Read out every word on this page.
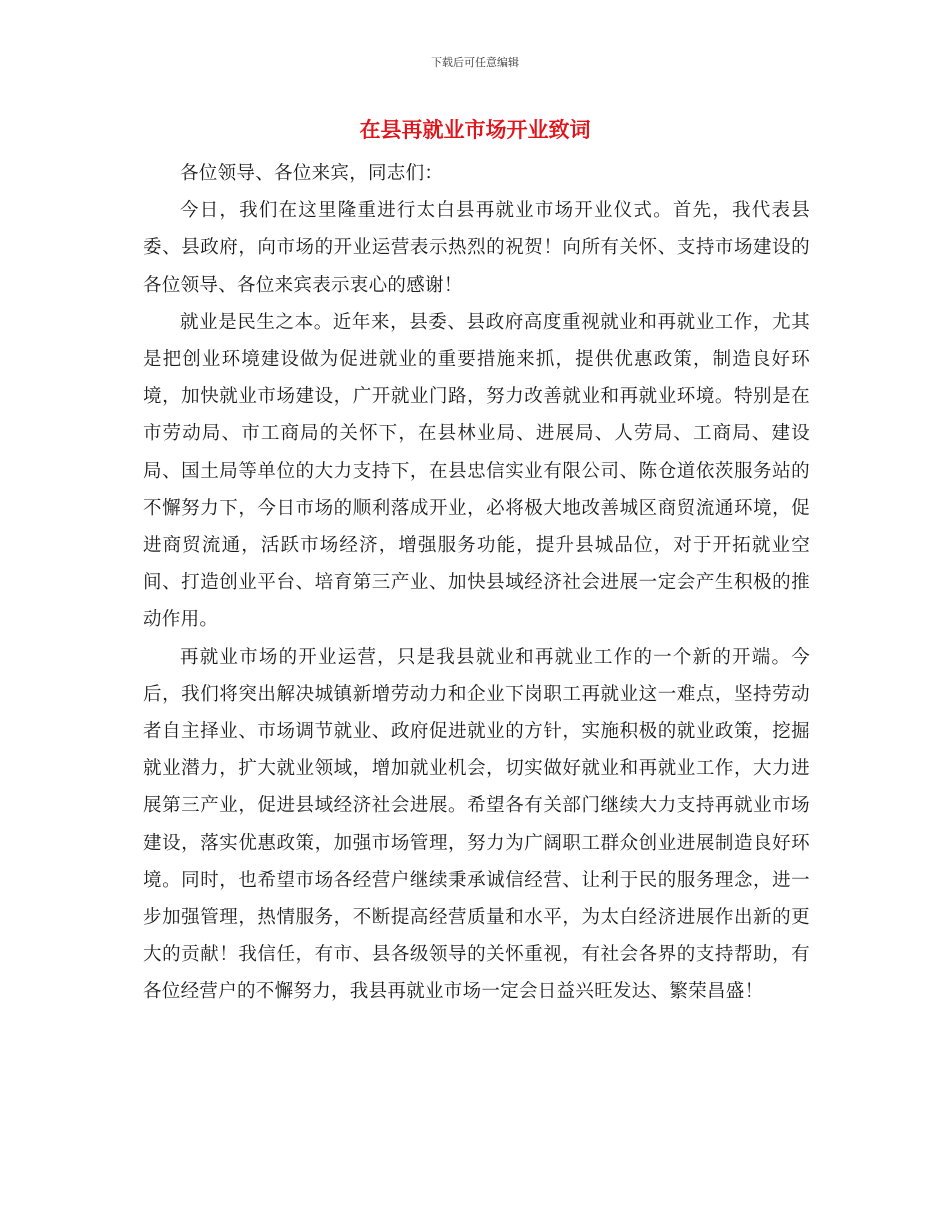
下载后可任意编辑
在县再就业市场开业致词

各位领导、各位来宾，同志们：

今日，我们在这里隆重进行太白县再就业市场开业仪式。首先，我代表县委、县政府，向市场的开业运营表示热烈的祝贺！向所有关怀、支持市场建设的各位领导、各位来宾表示衷心的感谢！

就业是民生之本。近年来，县委、县政府高度重视就业和再就业工作，尤其是把创业环境建设做为促进就业的重要措施来抓，提供优惠政策，制造良好环境，加快就业市场建设，广开就业门路，努力改善就业和再就业环境。特别是在市劳动局、市工商局的关怀下，在县林业局、进展局、人劳局、工商局、建设局、国土局等单位的大力支持下，在县忠信实业有限公司、陈仓道依茨服务站的不懈努力下，今日市场的顺利落成开业，必将极大地改善城区商贸流通环境，促进商贸流通，活跃市场经济，增强服务功能，提升县城品位，对于开拓就业空间、打造创业平台、培育第三产业、加快县域经济社会进展一定会产生积极的推动作用。

再就业市场的开业运营，只是我县就业和再就业工作的一个新的开端。今后，我们将突出解决城镇新增劳动力和企业下岗职工再就业这一难点，坚持劳动者自主择业、市场调节就业、政府促进就业的方针，实施积极的就业政策，挖掘就业潜力，扩大就业领域，增加就业机会，切实做好就业和再就业工作，大力进展第三产业，促进县域经济社会进展。希望各有关部门继续大力支持再就业市场建设，落实优惠政策，加强市场管理，努力为广阔职工群众创业进展制造良好环境。同时，也希望市场各经营户继续秉承诚信经营、让利于民的服务理念，进一步加强管理，热情服务，不断提高经营质量和水平，为太白经济进展作出新的更大的贡献！我信任，有市、县各级领导的关怀重视，有社会各界的支持帮助，有各位经营户的不懈努力，我县再就业市场一定会日益兴旺发达、繁荣昌盛！
